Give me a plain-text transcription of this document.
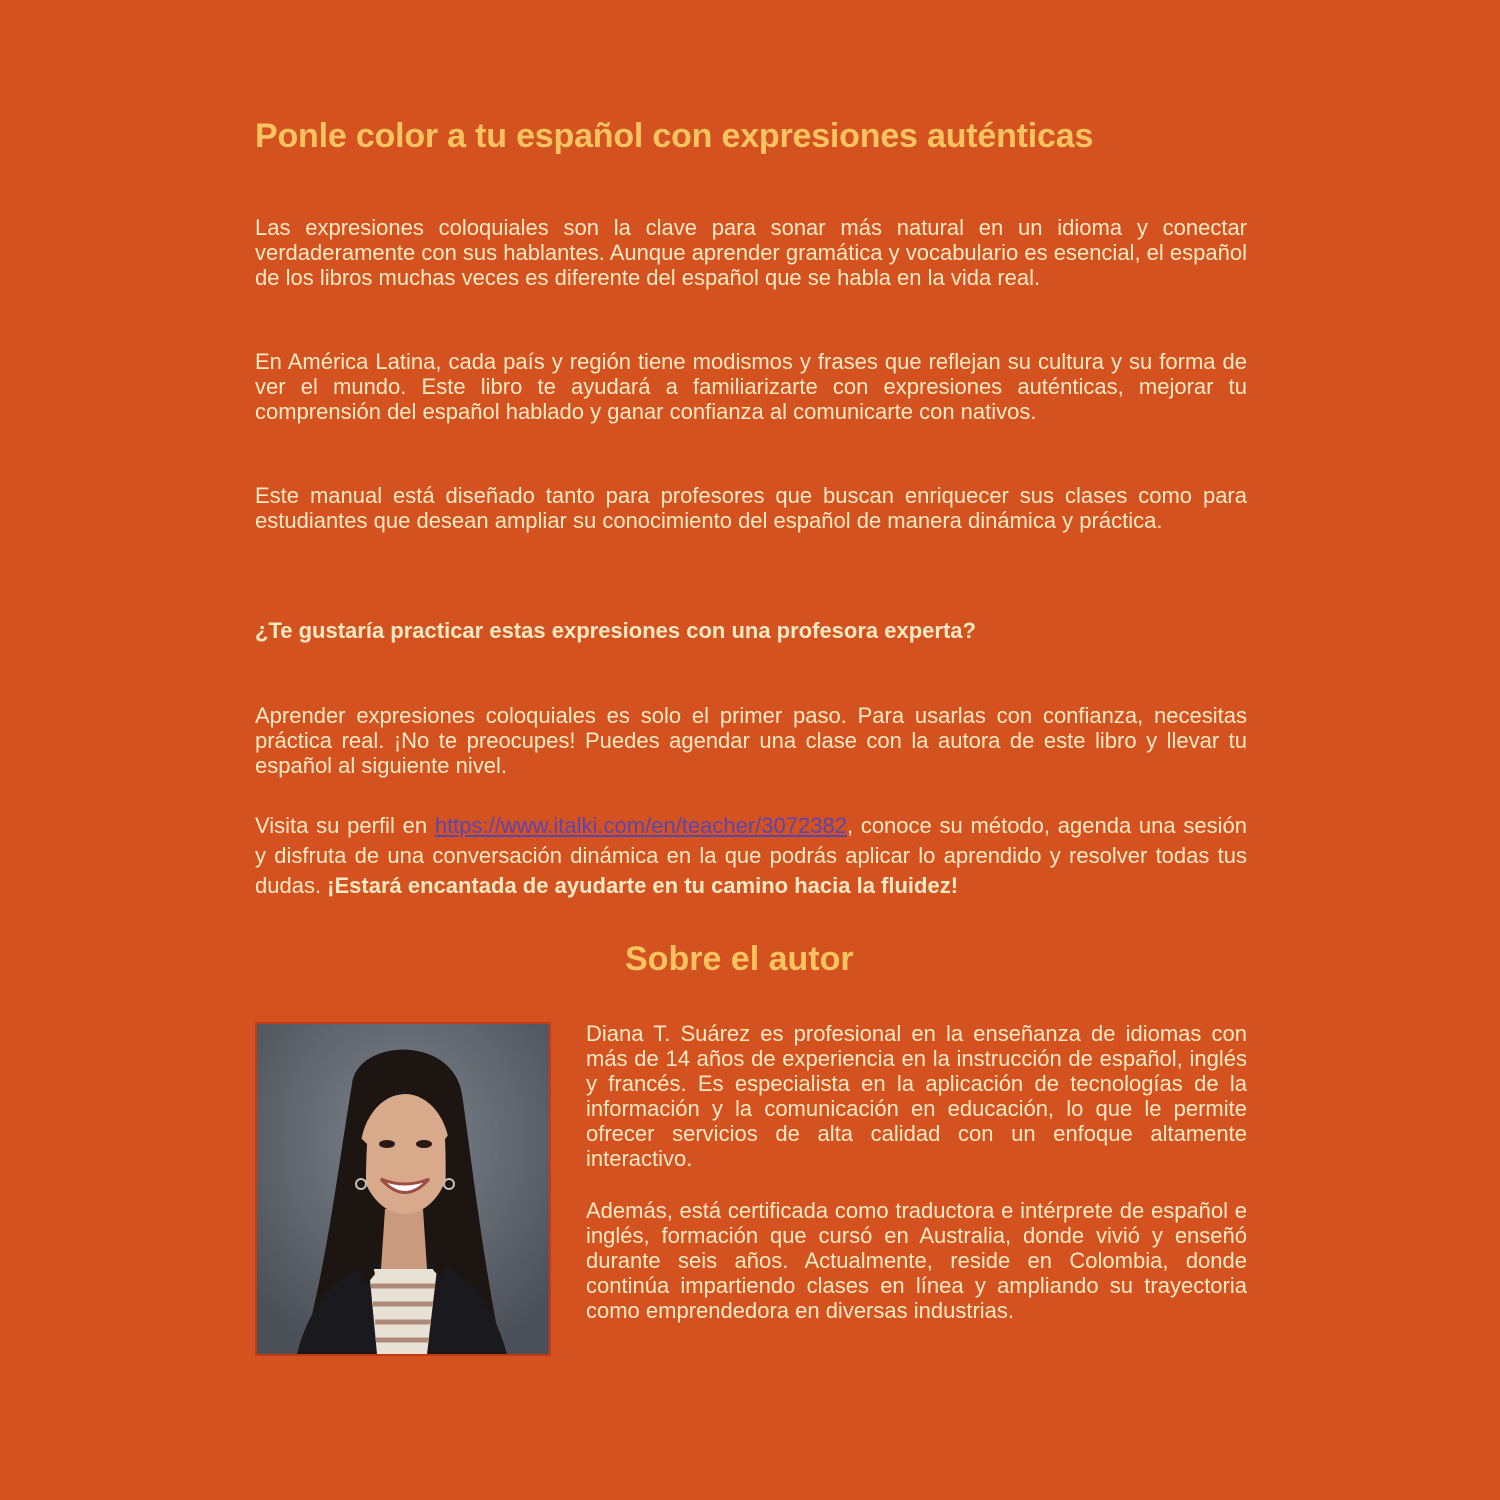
Ponle color a tu español con expresiones auténticas

Las expresiones coloquiales son la clave para sonar más natural en un idioma y conectar verdaderamente con sus hablantes. Aunque aprender gramática y vocabulario es esencial, el español de los libros muchas veces es diferente del español que se habla en la vida real.

En América Latina, cada país y región tiene modismos y frases que reflejan su cultura y su forma de ver el mundo. Este libro te ayudará a familiarizarte con expresiones auténticas, mejorar tu comprensión del español hablado y ganar confianza al comunicarte con nativos.

Este manual está diseñado tanto para profesores que buscan enriquecer sus clases como para estudiantes que desean ampliar su conocimiento del español de manera dinámica y práctica.

¿Te gustaría practicar estas expresiones con una profesora experta?

Aprender expresiones coloquiales es solo el primer paso. Para usarlas con confianza, necesitas práctica real. ¡No te preocupes! Puedes agendar una clase con la autora de este libro y llevar tu español al siguiente nivel.

Visita su perfil en https://www.italki.com/en/teacher/3072382, conoce su método, agenda una sesión y disfruta de una conversación dinámica en la que podrás aplicar lo aprendido y resolver todas tus dudas. ¡Estará encantada de ayudarte en tu camino hacia la fluidez!

Sobre el autor

Diana T. Suárez es profesional en la enseñanza de idiomas con más de 14 años de experiencia en la instrucción de español, inglés y francés. Es especialista en la aplicación de tecnologías de la información y la comunicación en educación, lo que le permite ofrecer servicios de alta calidad con un enfoque altamente interactivo.

Además, está certificada como traductora e intérprete de español e inglés, formación que cursó en Australia, donde vivió y enseñó durante seis años. Actualmente, reside en Colombia, donde continúa impartiendo clases en línea y ampliando su trayectoria como emprendedora en diversas industrias.
